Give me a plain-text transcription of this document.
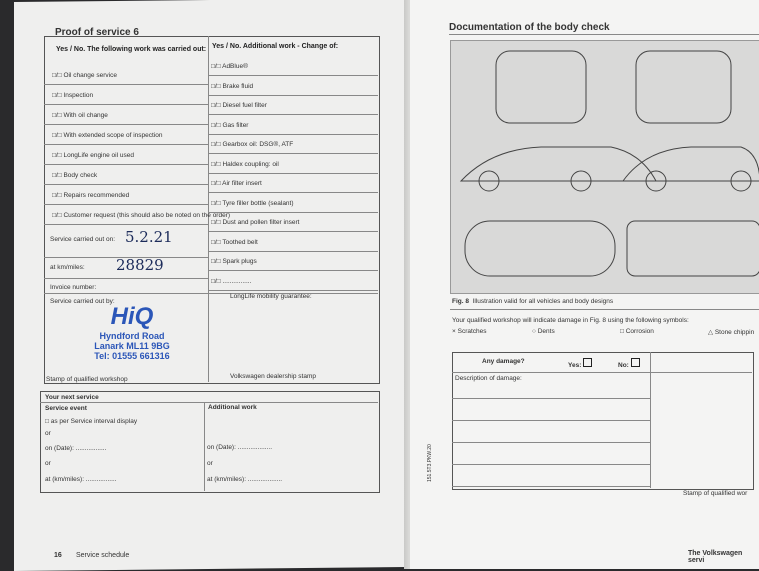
Proof of service 6
Yes / No. The following work was carried out: Yes / No. Additional work - Change of:
□/□ Oil change service
□/□ Inspection
□/□ With oil change
□/□ With extended scope of inspection
□/□ LongLife engine oil used
□/□ Body check
□/□ Repairs recommended
□/□ Customer request (this should also be noted on the order)
□/□ AdBlue®
□/□ Brake fluid
□/□ Diesel fuel filter
□/□ Gas filter
□/□ Gearbox oil: DSG®, ATF
□/□ Haldex coupling: oil
□/□ Air filter insert
□/□ Tyre filler bottle (sealant)
□/□ Dust and pollen filter insert
□/□ Toothed belt
□/□ Spark plugs
□/□ ................
Service carried out on: 5.2.21
at km/miles: 28829
Invoice number:
Service carried out by:
LongLife mobility guarantee:
HiQ
Hyndford Road
Lanark ML11 9BG
Tel: 01555 661316
Stamp of qualified workshop	Volkswagen dealership stamp
Your next service
Service event	Additional work
□ as per Service interval display
or
on (Date): .................	on (Date): ...................
or	or
at (km/miles): .................	at (km/miles): ...................	151.5T3.PKW.20
16 Service schedule
Documentation of the body check
Fig. 8 Illustration valid for all vehicles and body designs
Your qualified workshop will indicate damage in Fig. 8 using the following symbols:
× Scratches	○ Dents	□ Corrosion	△ Stone chippin
Any damage?
Yes:	No:
Description of damage:
Stamp of qualified wor
The Volkswagen servi
